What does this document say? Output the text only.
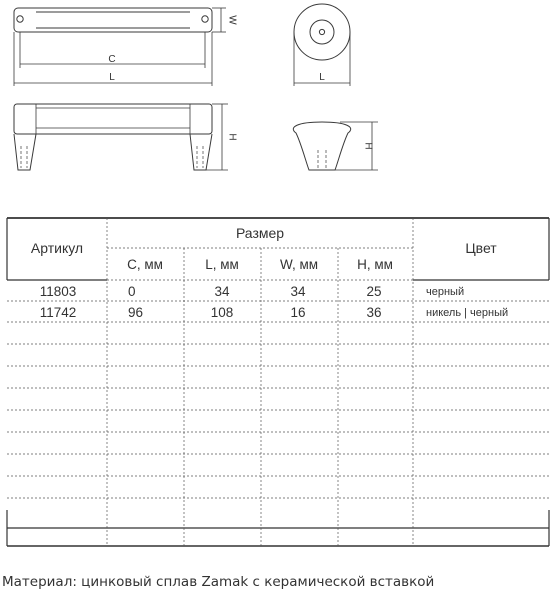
W
C
L
H
L
H
Артикул
Размер
Цвет
С, мм	L, мм	W, мм	H, мм
11803	0	34	34	25	черный
11742	96	108	16	36	никель | черный
Материал: цинковый сплав Zamak с керамической вставкой
